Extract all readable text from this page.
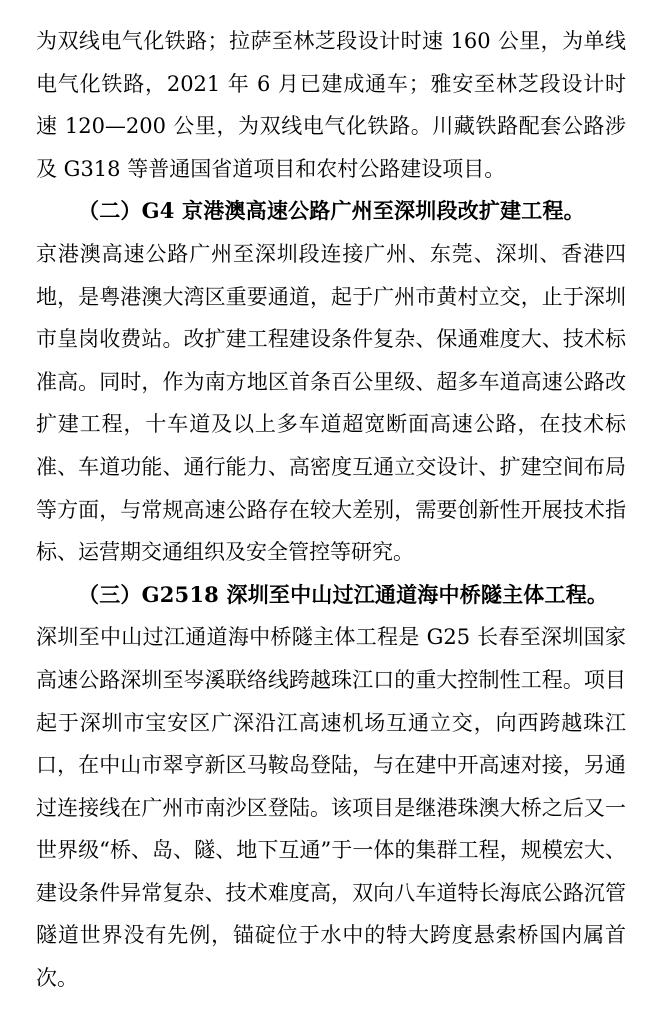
为双线电气化铁路；拉萨至林芝段设计时速 160 公里，为单线电气化铁路，2021 年 6 月已建成通车；雅安至林芝段设计时速 120—200 公里，为双线电气化铁路。川藏铁路配套公路涉及 G318 等普通国省道项目和农村公路建设项目。

（二）G4 京港澳高速公路广州至深圳段改扩建工程。

京港澳高速公路广州至深圳段连接广州、东莞、深圳、香港四地，是粤港澳大湾区重要通道，起于广州市黄村立交，止于深圳市皇岗收费站。改扩建工程建设条件复杂、保通难度大、技术标准高。同时，作为南方地区首条百公里级、超多车道高速公路改扩建工程，十车道及以上多车道超宽断面高速公路，在技术标准、车道功能、通行能力、高密度互通立交设计、扩建空间布局等方面，与常规高速公路存在较大差别，需要创新性开展技术指标、运营期交通组织及安全管控等研究。

（三）G2518 深圳至中山过江通道海中桥隧主体工程。

深圳至中山过江通道海中桥隧主体工程是 G25 长春至深圳国家高速公路深圳至岑溪联络线跨越珠江口的重大控制性工程。项目起于深圳市宝安区广深沿江高速机场互通立交，向西跨越珠江口，在中山市翠亨新区马鞍岛登陆，与在建中开高速对接，另通过连接线在广州市南沙区登陆。该项目是继港珠澳大桥之后又一世界级“桥、岛、隧、地下互通”于一体的集群工程，规模宏大、建设条件异常复杂、技术难度高，双向八车道特长海底公路沉管隧道世界没有先例，锚碇位于水中的特大跨度悬索桥国内属首次。
